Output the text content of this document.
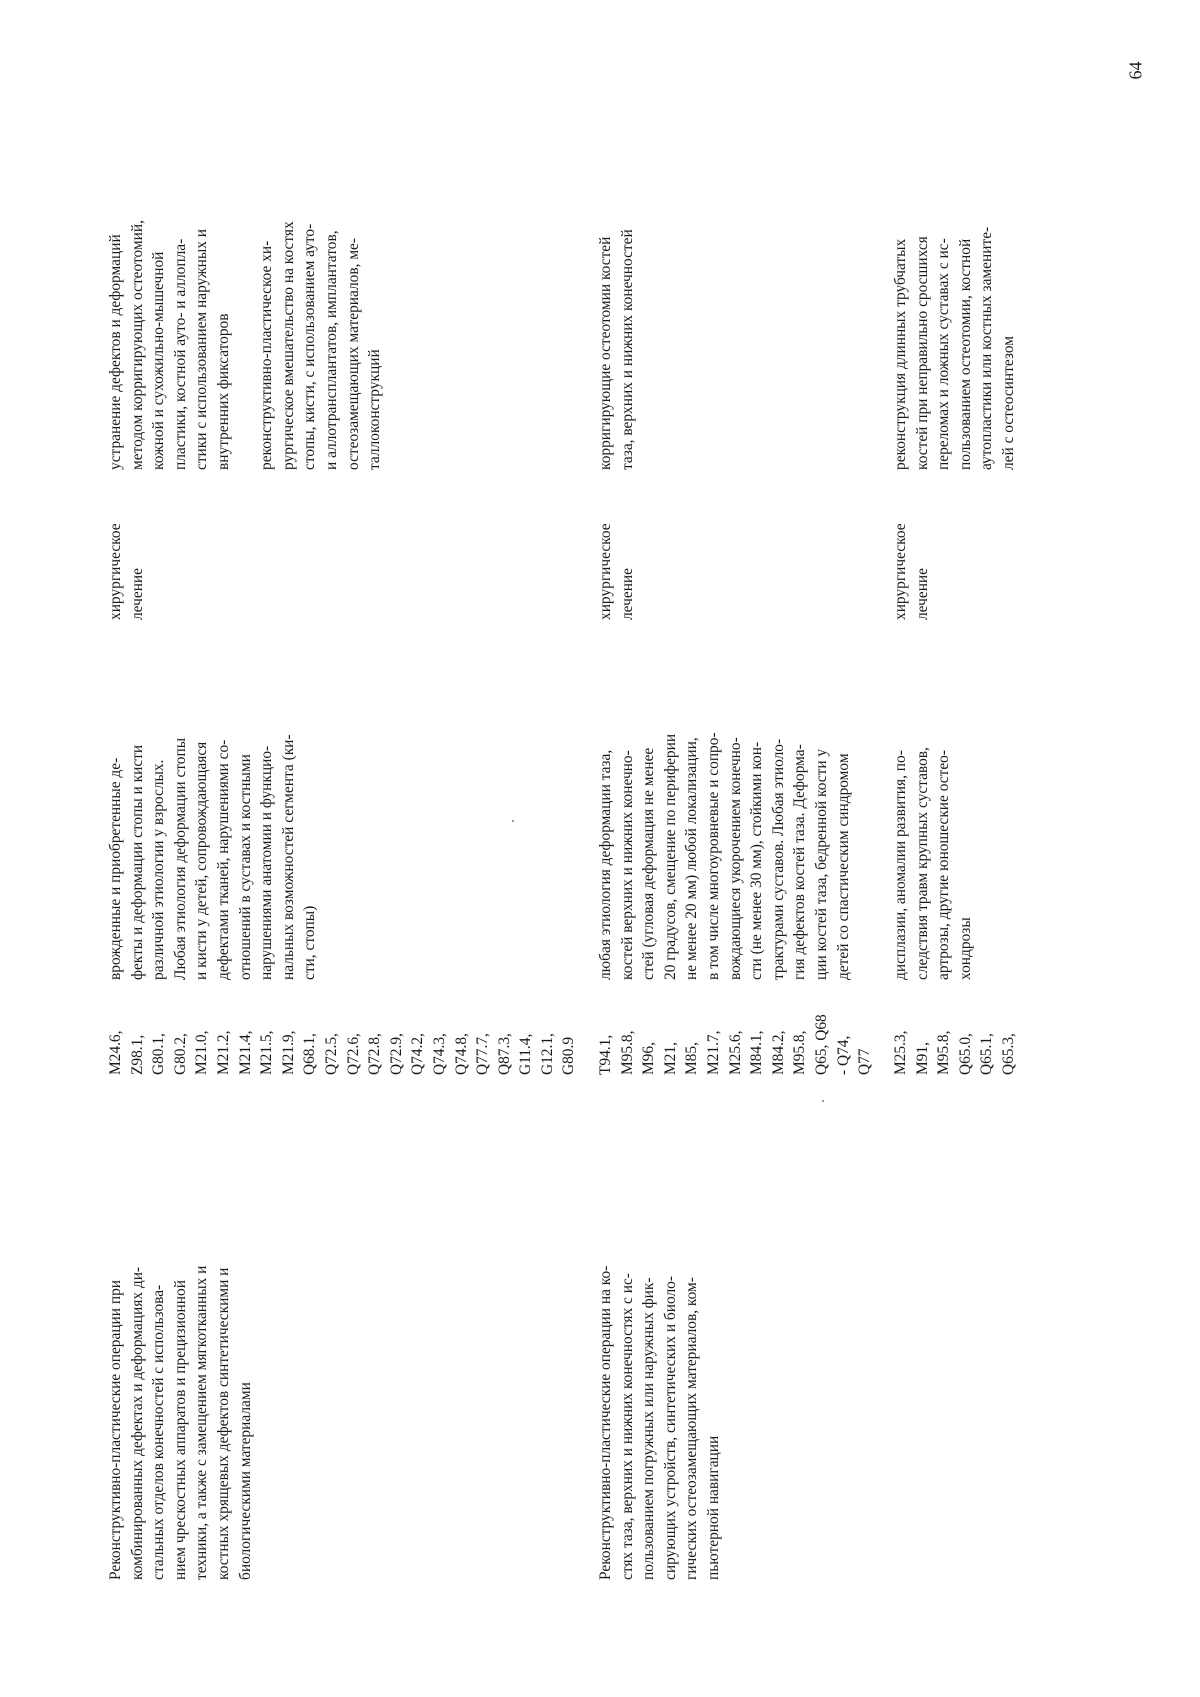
64
Реконструктивно-пластические операции при комбинированных дефектах и деформациях ди- стальных отделов конечностей с использова- нием чрескостных аппаратов и прецизионной техники, а также с замещением мягкотканных и костных хрящевых дефектов синтетическими и биологическими материалами
M24.6, Z98.1, G80.1, G80.2, M21.0, M21.2, M21.4, M21.5, M21.9, Q68.1, Q72.5, Q72.6, Q72.8, Q72.9, Q74.2, Q74.3, Q74.8, Q77.7, Q87.3, G11.4, G12.1, G80.9
врожденные и приобретенные де- фекты и деформации стопы и кисти различной этиологии у взрослых. Любая этиология деформации стопы и кисти у детей, сопровождающаяся дефектами тканей, нарушениями со- отношений в суставах и костными нарушениями анатомии и функцио- нальных возможностей сегмента (ки- сти, стопы)
хирургическое лечение
устранение дефектов и деформаций методом корригирующих остеотомий, кожной и сухожильно-мышечной пластики, костной ауто- и аллопла- стики с использованием наружных и внутренних фиксаторов реконструктивно-пластическое хи- рургическое вмешательство на костях стопы, кисти, с использованием ауто- и аллотрансплантатов, имплантатов, остеозамещающих материалов, ме- таллоконструкций
Реконструктивно-пластические операции на ко- стях таза, верхних и нижних конечностях с ис- пользованием погружных или наружных фик- сирующих устройств, синтетических и биоло- гических остеозамещающих материалов, ком- пьютерной навигации
T94.1, M95.8, M96, M21, M85, M21.7, M25.6, M84.1, M84.2, M95.8, Q65, Q68 - Q74, Q77
любая этиология деформации таза, костей верхних и нижних конечно- стей (угловая деформация не менее 20 градусов, смещение по периферии не менее 20 мм) любой локализации, в том числе многоуровневые и сопро- вождающиеся укорочением конечно- сти (не менее 30 мм), стойкими кон- трактурами суставов. Любая этиоло- гия дефектов костей таза. Деформа- ции костей таза, бедренной кости у детей со спастическим синдромом
хирургическое лечение
корригирующие остеотомии костей таза, верхних и нижних конечностей
M25.3, M91, M95.8, Q65.0, Q65.1, Q65.3,
дисплазии, аномалии развития, по- следствия травм крупных суставов, артрозы, другие юношеские остео- хондрозы
хирургическое лечение
реконструкция длинных трубчатых костей при неправильно сросшихся переломах и ложных суставах с ис- пользованием остеотомии, костной аутопластики или костных замените- лей с остеосинтезом
